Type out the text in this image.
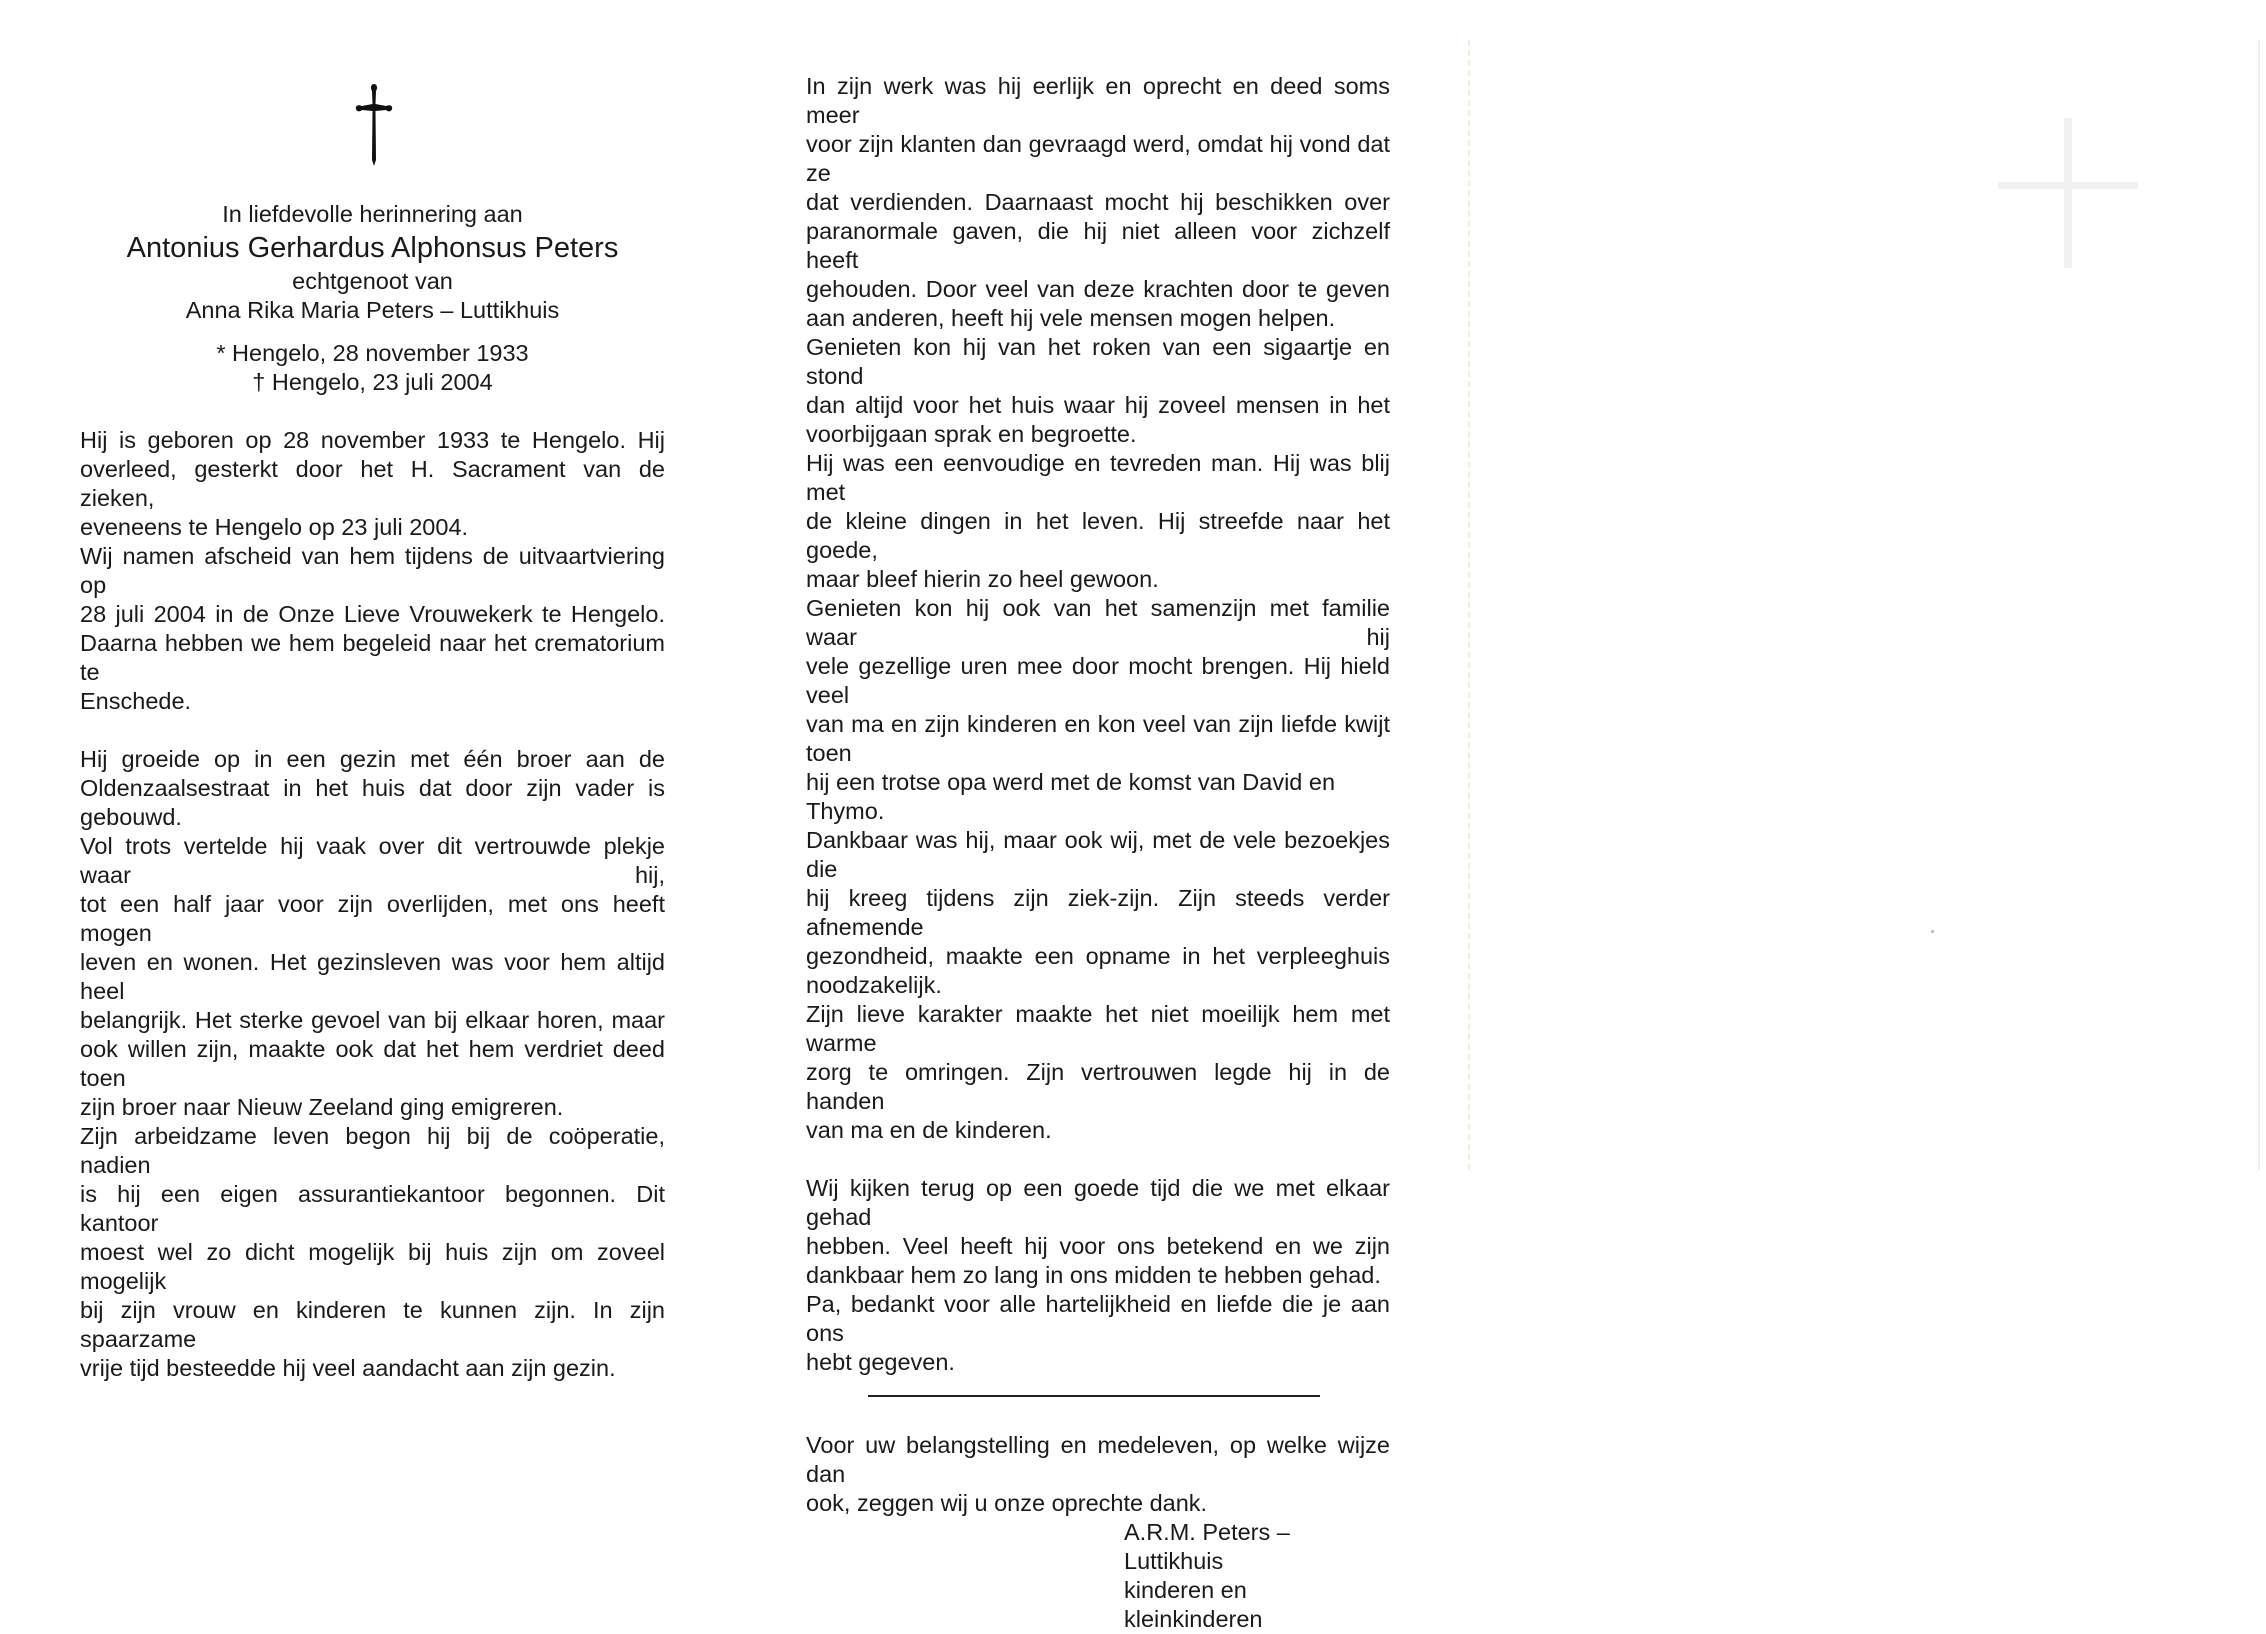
In liefdevolle herinnering aan

Antonius Gerhardus Alphonsus Peters

echtgenoot van

Anna Rika Maria Peters – Luttikhuis

* Hengelo, 28 november 1933

† Hengelo, 23 juli 2004

Hij is geboren op 28 november 1933 te Hengelo. Hij

overleed, gesterkt door het H. Sacrament van de zieken,

eveneens te Hengelo op 23 juli 2004.

Wij namen afscheid van hem tijdens de uitvaartviering op

28 juli 2004 in de Onze Lieve Vrouwekerk te Hengelo.

Daarna hebben we hem begeleid naar het crematorium te

Enschede.

Hij groeide op in een gezin met één broer aan de

Oldenzaalsestraat in het huis dat door zijn vader is gebouwd.

Vol trots vertelde hij vaak over dit vertrouwde plekje waar hij,

tot een half jaar voor zijn overlijden, met ons heeft mogen

leven en wonen. Het gezinsleven was voor hem altijd heel

belangrijk. Het sterke gevoel van bij elkaar horen, maar

ook willen zijn, maakte ook dat het hem verdriet deed toen

zijn broer naar Nieuw Zeeland ging emigreren.

Zijn arbeidzame leven begon hij bij de coöperatie, nadien

is hij een eigen assurantiekantoor begonnen. Dit kantoor

moest wel zo dicht mogelijk bij huis zijn om zoveel mogelijk

bij zijn vrouw en kinderen te kunnen zijn. In zijn spaarzame

vrije tijd besteedde hij veel aandacht aan zijn gezin.

In zijn werk was hij eerlijk en oprecht en deed soms meer

voor zijn klanten dan gevraagd werd, omdat hij vond dat ze

dat verdienden. Daarnaast mocht hij beschikken over

paranormale gaven, die hij niet alleen voor zichzelf heeft

gehouden. Door veel van deze krachten door te geven

aan anderen, heeft hij vele mensen mogen helpen.

Genieten kon hij van het roken van een sigaartje en stond

dan altijd voor het huis waar hij zoveel mensen in het

voorbijgaan sprak en begroette.

Hij was een eenvoudige en tevreden man. Hij was blij met

de kleine dingen in het leven. Hij streefde naar het goede,

maar bleef hierin zo heel gewoon.

Genieten kon hij ook van het samenzijn met familie waar hij

vele gezellige uren mee door mocht brengen. Hij hield veel

van ma en zijn kinderen en kon veel van zijn liefde kwijt toen

hij een trotse opa werd met de komst van David en Thymo.

Dankbaar was hij, maar ook wij, met de vele bezoekjes die

hij kreeg tijdens zijn ziek-zijn. Zijn steeds verder afnemende

gezondheid, maakte een opname in het verpleeghuis

noodzakelijk.

Zijn lieve karakter maakte het niet moeilijk hem met warme

zorg te omringen. Zijn vertrouwen legde hij in de handen

van ma en de kinderen.

Wij kijken terug op een goede tijd die we met elkaar gehad

hebben. Veel heeft hij voor ons betekend en we zijn

dankbaar hem zo lang in ons midden te hebben gehad.

Pa, bedankt voor alle hartelijkheid en liefde die je aan ons

hebt gegeven.

Voor uw belangstelling en medeleven, op welke wijze dan

ook, zeggen wij u onze oprechte dank.

A.R.M. Peters – Luttikhuis

kinderen en kleinkinderen
